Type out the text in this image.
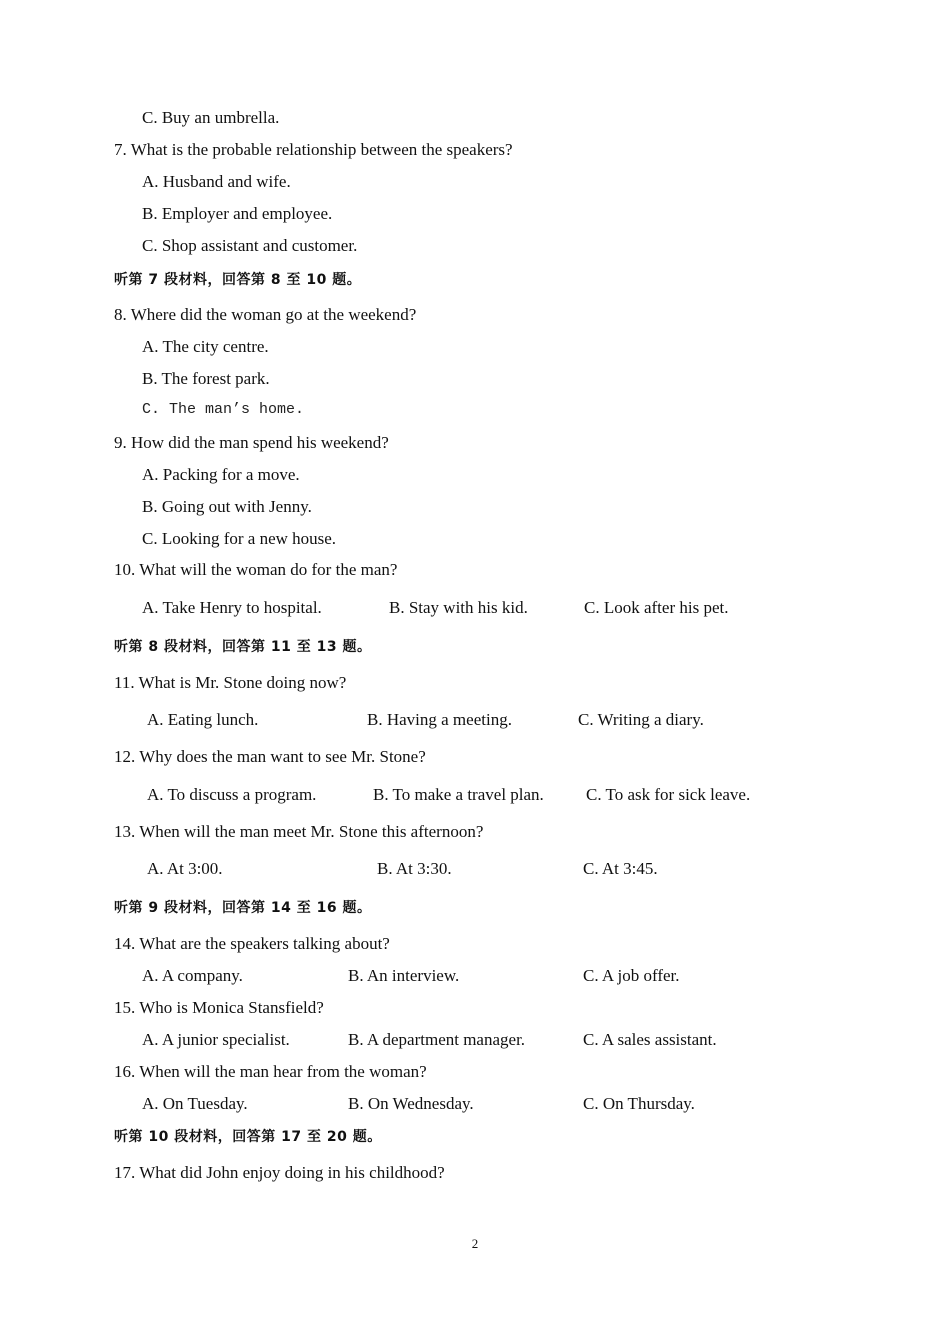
C. Buy an umbrella.
7. What is the probable relationship between the speakers?
A. Husband and wife.
B. Employer and employee.
C. Shop assistant and customer.
听第 7 段材料，回答第 8 至 10 题。
8. Where did the woman go at the weekend?
A. The city centre.
B. The forest park.
C. The man’s home.
9. How did the man spend his weekend?
A. Packing for a move.
B. Going out with Jenny.
C. Looking for a new house.
10. What will the woman do for the man?
A. Take Henry to hospital.	B. Stay with his kid.	C. Look after his pet.
听第 8 段材料，回答第 11 至 13 题。
11. What is Mr. Stone doing now?
A. Eating lunch.	B. Having a meeting.	C. Writing a diary.
12. Why does the man want to see Mr. Stone?
A. To discuss a program.	B. To make a travel plan. C. To ask for sick leave.
13. When will the man meet Mr. Stone this afternoon?
A. At 3:00.	B. At 3:30.	C. At 3:45.
听第 9 段材料，回答第 14 至 16 题。
14. What are the speakers talking about?
A. A company.	B. An interview.	C. A job offer.
15. Who is Monica Stansfield?
A. A junior specialist.	B. A department manager.	C. A sales assistant.
16. When will the man hear from the woman?
A. On Tuesday.	B. On Wednesday.	C. On Thursday.
听第 10 段材料，回答第 17 至 20 题。
17. What did John enjoy doing in his childhood?
2
